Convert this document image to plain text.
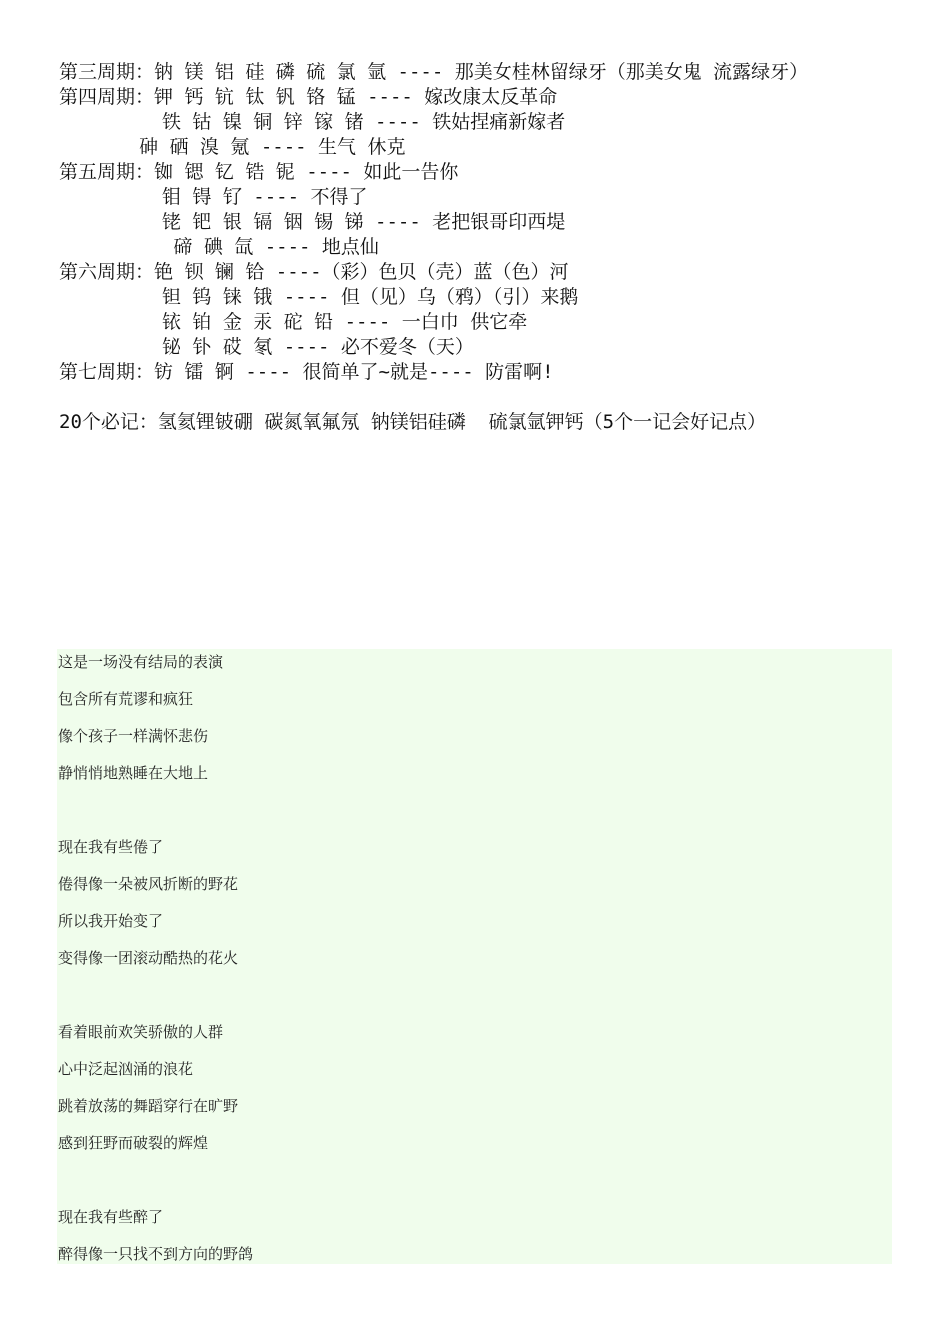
第三周期：钠 镁 铝 硅 磷 硫 氯 氩 ---- 那美女桂林留绿牙（那美女鬼 流露绿牙）
第四周期：钾 钙 钪 钛 钒 铬 锰 ---- 嫁改康太反革命
铁 钴 镍 铜 锌 镓 锗 ---- 铁姑捏痛新嫁者
砷 硒 溴 氪 ---- 生气 休克
第五周期：铷 锶 钇 锆 铌 ---- 如此一告你
钼 锝 钌 ---- 不得了
铑 钯 银 镉 铟 锡 锑 ---- 老把银哥印西堤
碲 碘 氙 ---- 地点仙
第六周期：铯 钡 镧 铪 ----（彩）色贝（壳）蓝（色）河
钽 钨 铼 锇 ---- 但（见）乌（鸦）（引）来鹅
铱 铂 金 汞 砣 铅 ---- 一白巾 供它牵
铋 钋 砹 氡 ---- 必不爱冬（天）
第七周期：钫 镭 锕 ---- 很简单了~就是---- 防雷啊!
20个必记：氢氦锂铍硼 碳氮氧氟氖 钠镁铝硅磷  硫氯氩钾钙（5个一记会好记点）
这是一场没有结局的表演
包含所有荒谬和疯狂
像个孩子一样满怀悲伤
静悄悄地熟睡在大地上
现在我有些倦了
倦得像一朵被风折断的野花
所以我开始变了
变得像一团滚动酷热的花火
看着眼前欢笑骄傲的人群
心中泛起汹涌的浪花
跳着放荡的舞蹈穿行在旷野
感到狂野而破裂的辉煌
现在我有些醉了
醉得像一只找不到方向的野鸽
